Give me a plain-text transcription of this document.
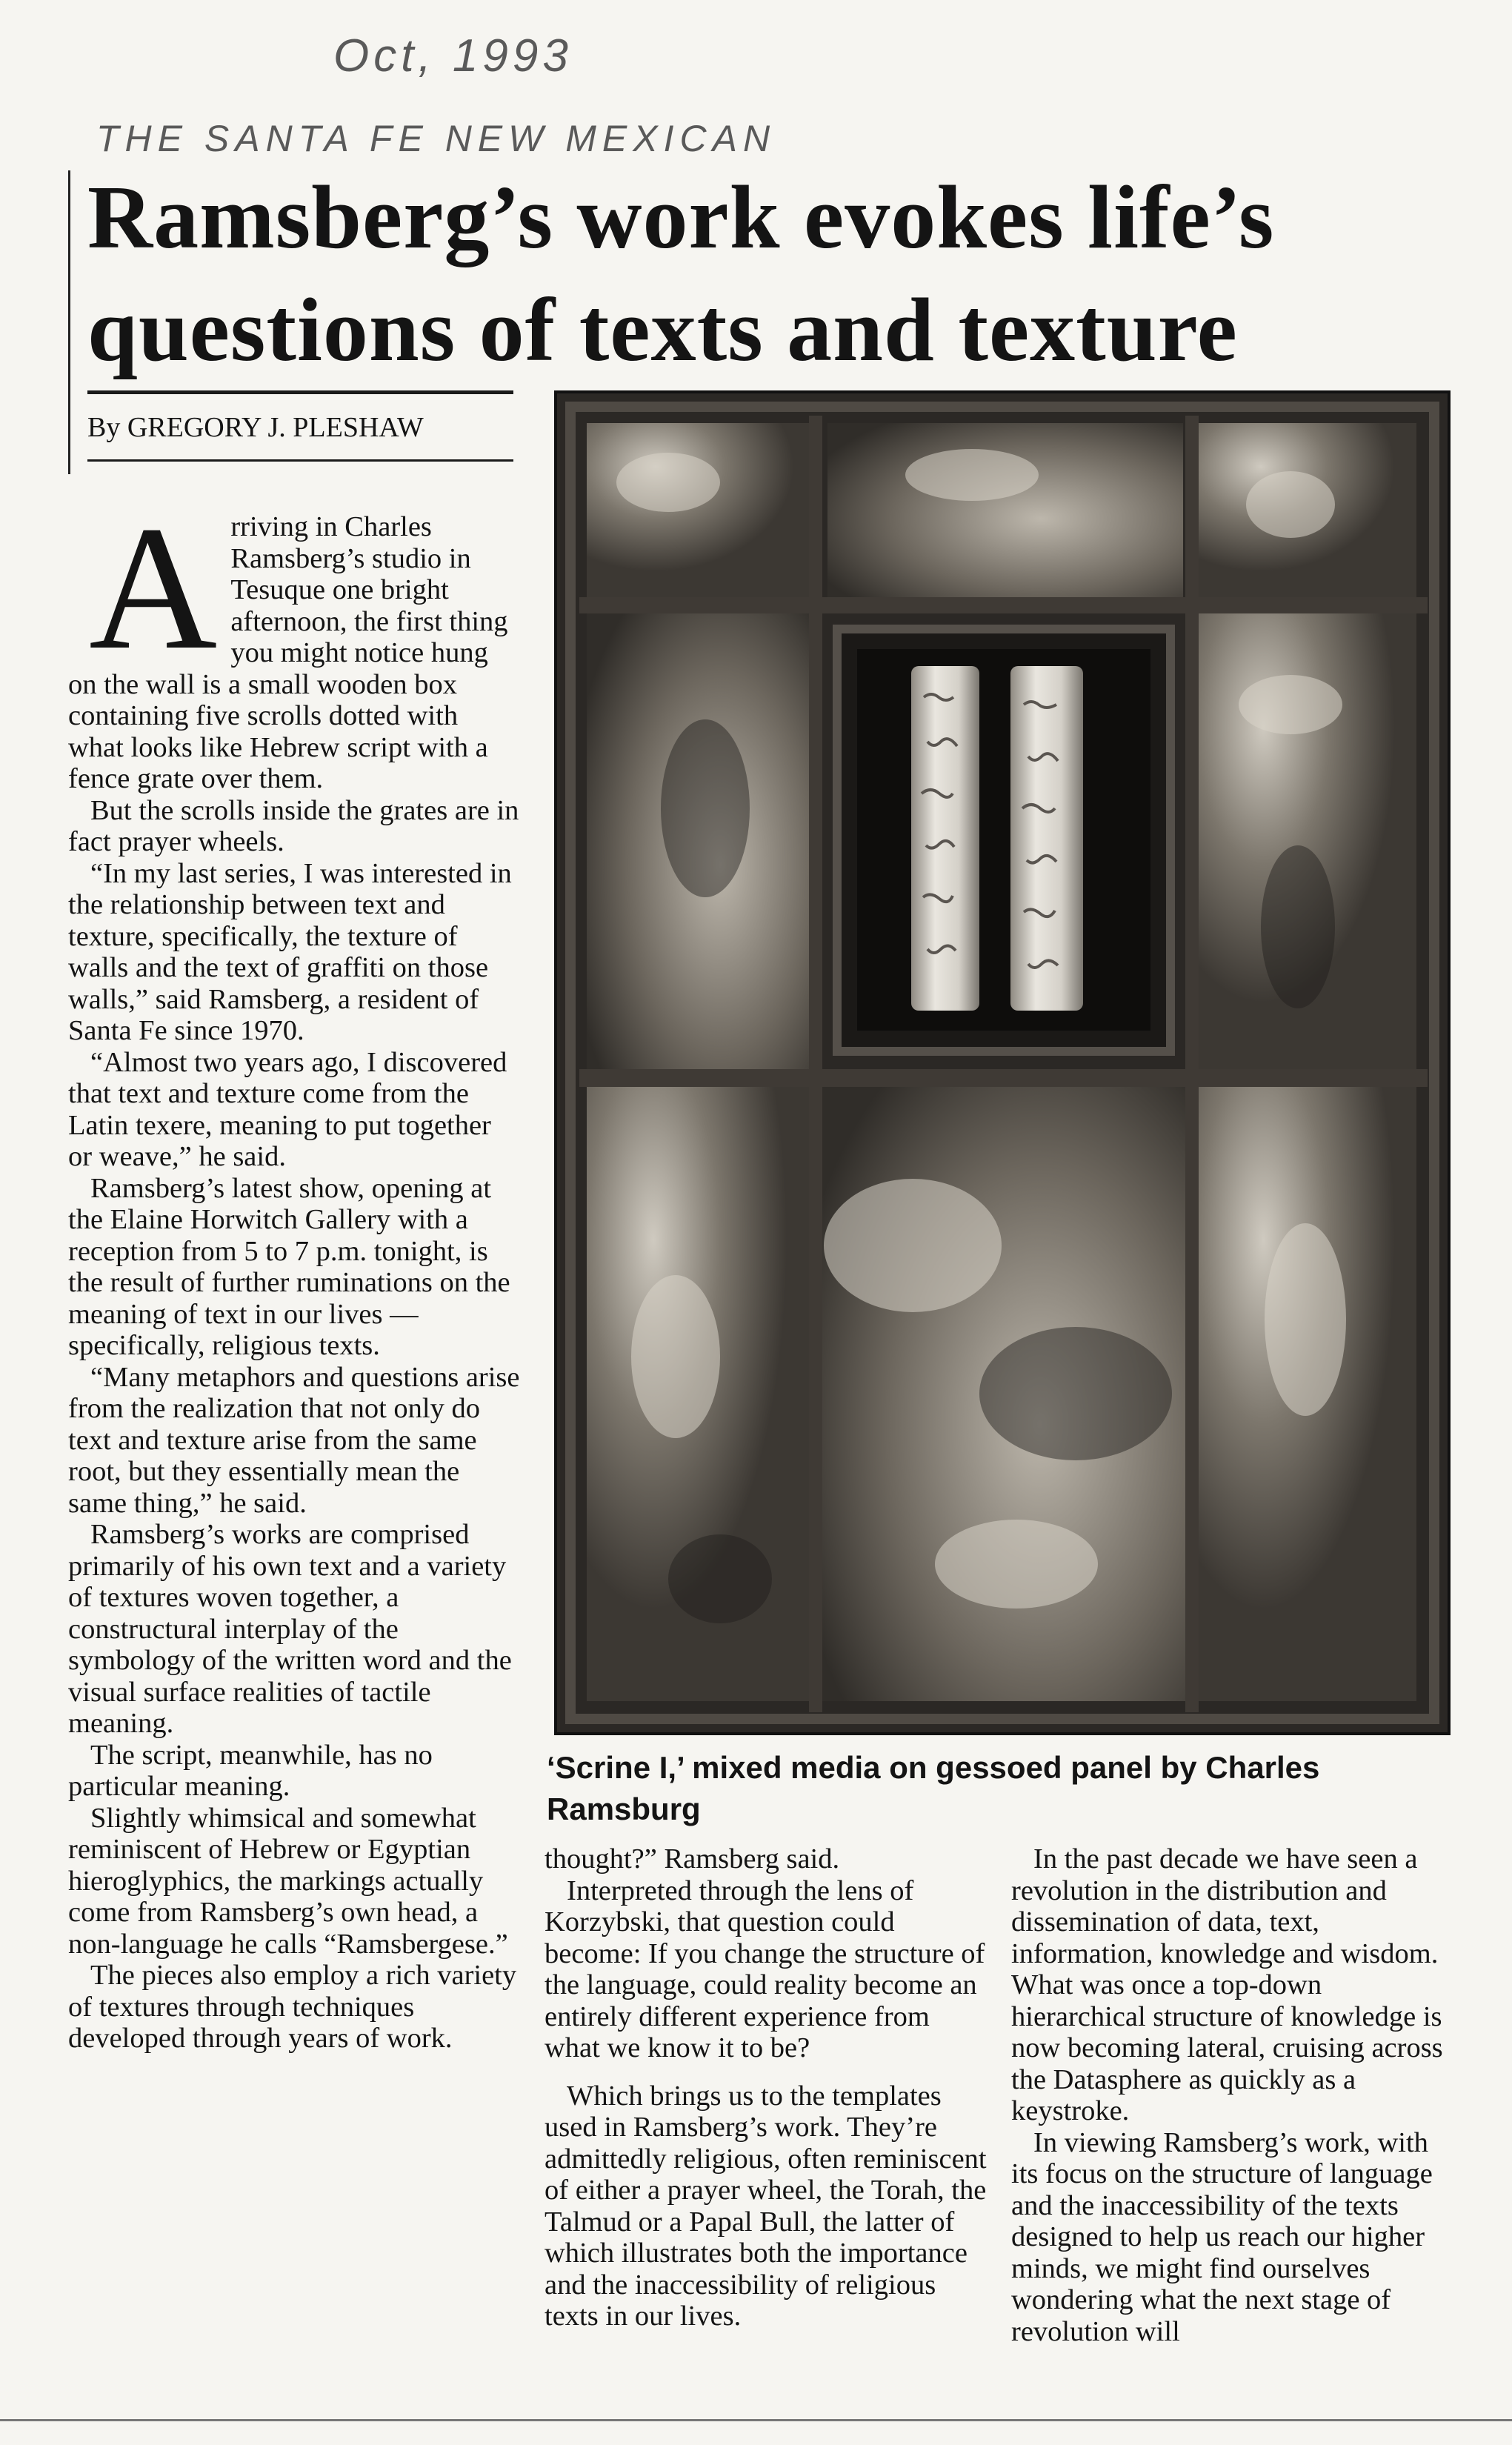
Oct, 1993
THE SANTA FE NEW MEXICAN
Ramsberg’s work evokes life’s questions of texts and texture

By GREGORY J. PLESHAW

A rriving in Charles Ramsberg’s studio in Tesuque one bright afternoon, the first thing you might notice hung on the wall is a small wooden box containing five scrolls dotted with what looks like Hebrew script with a fence grate over them.

But the scrolls inside the grates are in fact prayer wheels.

“In my last series, I was interested in the relationship between text and texture, specifically, the texture of walls and the text of graffiti on those walls,” said Ramsberg, a resident of Santa Fe since 1970.

“Almost two years ago, I discovered that text and texture come from the Latin texere, meaning to put together or weave,” he said.

Ramsberg’s latest show, opening at the Elaine Horwitch Gallery with a reception from 5 to 7 p.m. tonight, is the result of further ruminations on the meaning of text in our lives — specifically, religious texts.

“Many metaphors and questions arise from the realization that not only do text and texture arise from the same root, but they essentially mean the same thing,” he said.

Ramsberg’s works are comprised primarily of his own text and a variety of textures woven together, a constructural interplay of the symbology of the written word and the visual surface realities of tactile meaning.

The script, meanwhile, has no particular meaning.

Slightly whimsical and somewhat reminiscent of Hebrew or Egyptian hieroglyphics, the markings actually come from Ramsberg’s own head, a non-language he calls “Ramsbergese.”

The pieces also employ a rich variety of textures through techniques developed through years of work.

‘Scrine I,’ mixed media on gessoed panel by Charles Ramsburg

thought?” Ramsberg said.

Interpreted through the lens of Korzybski, that question could become: If you change the structure of the language, could reality become an entirely different experience from what we know it to be?

Which brings us to the templates used in Ramsberg’s work. They’re admittedly religious, often reminiscent of either a prayer wheel, the Torah, the Talmud or a Papal Bull, the latter of which illustrates both the importance and the inaccessibility of religious texts in our lives.

In the past decade we have seen a revolution in the distribution and dissemination of data, text, information, knowledge and wisdom. What was once a top-down hierarchical structure of knowledge is now becoming lateral, cruising across the Datasphere as quickly as a keystroke.

In viewing Ramsberg’s work, with its focus on the structure of language and the inaccessibility of the texts designed to help us reach our higher minds, we might find ourselves wondering what the next stage of revolution will
